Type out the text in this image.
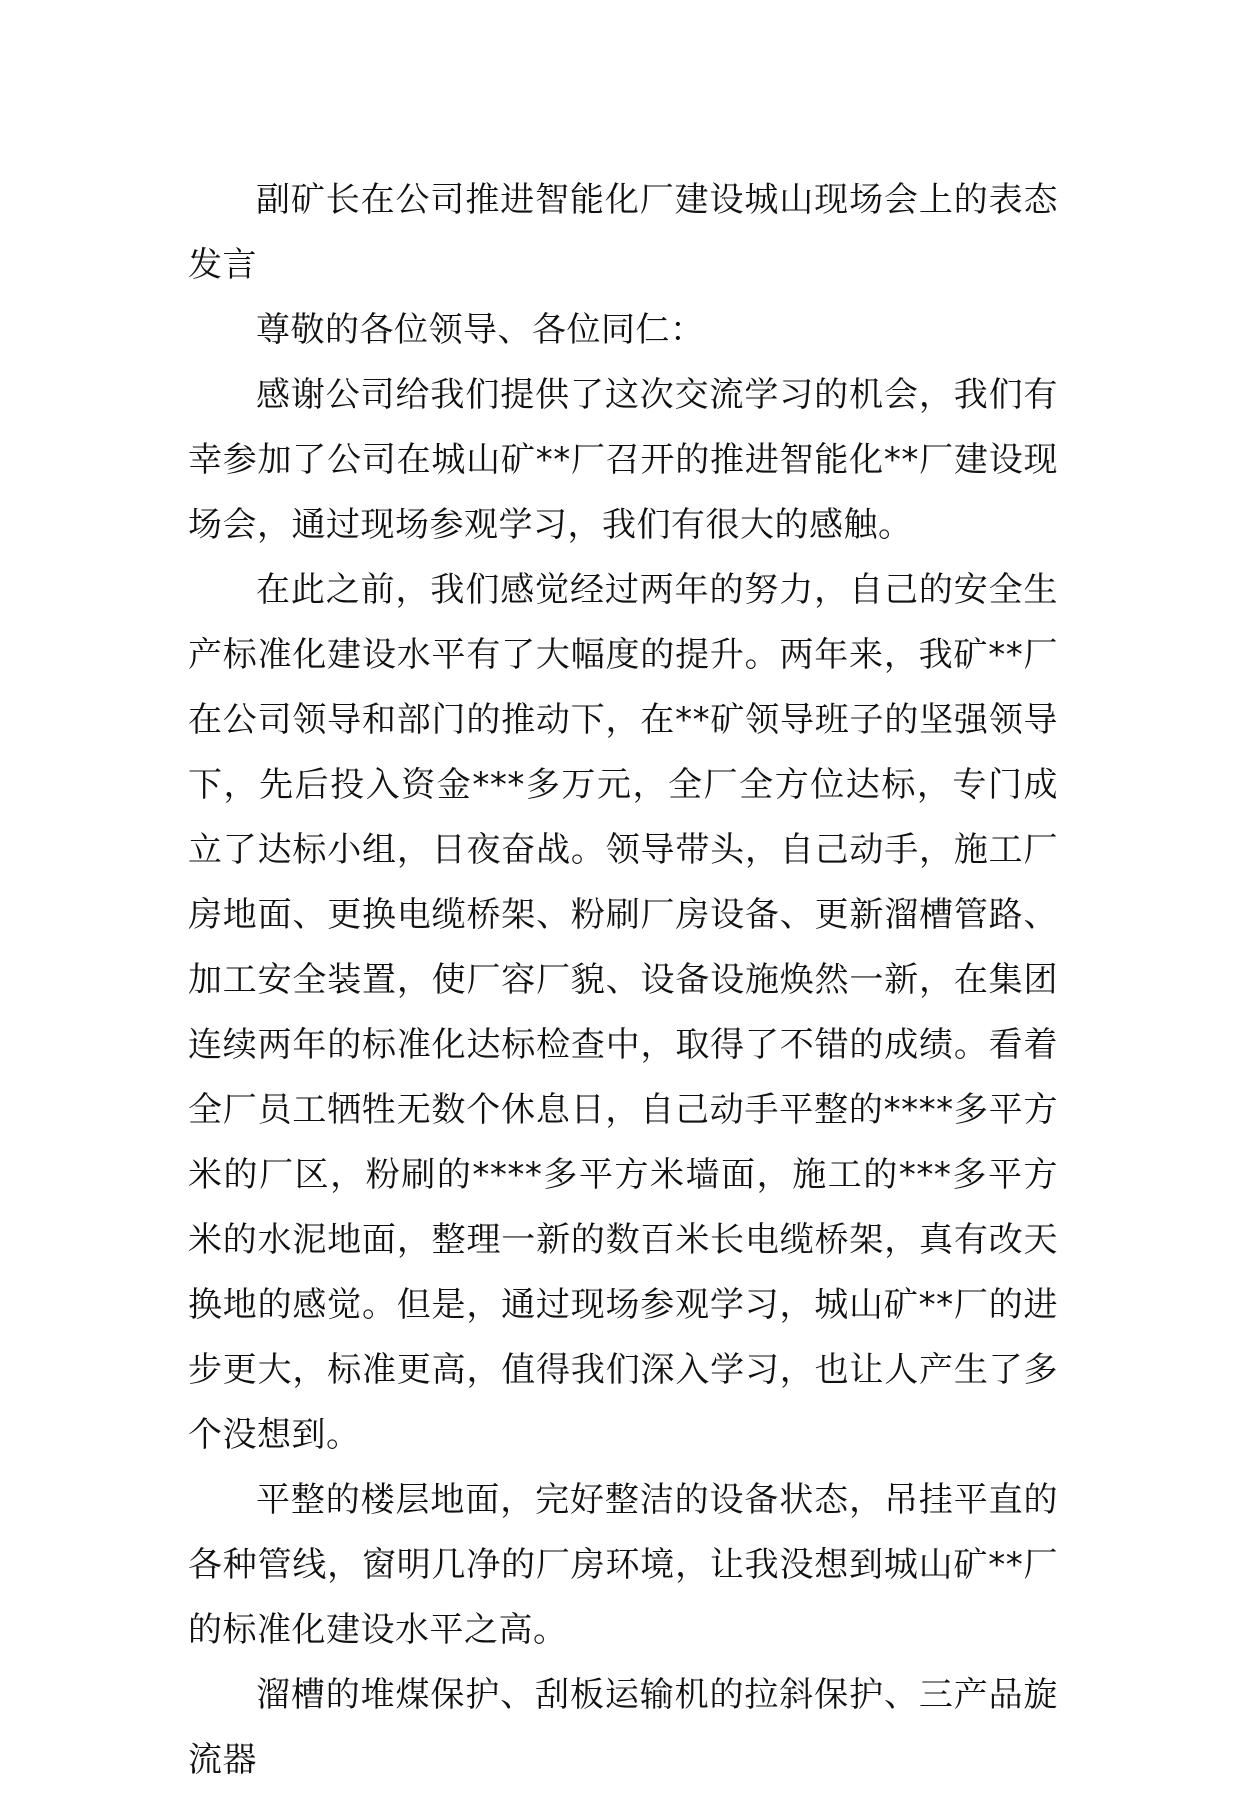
副矿长在公司推进智能化厂建设城山现场会上的表态发言

尊敬的各位领导、各位同仁：

感谢公司给我们提供了这次交流学习的机会，我们有幸参加了公司在城山矿**厂召开的推进智能化**厂建设现场会，通过现场参观学习，我们有很大的感触。

在此之前，我们感觉经过两年的努力，自己的安全生产标准化建设水平有了大幅度的提升。两年来，我矿**厂在公司领导和部门的推动下，在**矿领导班子的坚强领导下，先后投入资金***多万元，全厂全方位达标，专门成立了达标小组，日夜奋战。领导带头，自己动手，施工厂房地面、更换电缆桥架、粉刷厂房设备、更新溜槽管路、加工安全装置，使厂容厂貌、设备设施焕然一新，在集团连续两年的标准化达标检查中，取得了不错的成绩。看着全厂员工牺牲无数个休息日，自己动手平整的****多平方米的厂区，粉刷的****多平方米墙面，施工的***多平方米的水泥地面，整理一新的数百米长电缆桥架，真有改天换地的感觉。但是，通过现场参观学习，城山矿**厂的进步更大，标准更高，值得我们深入学习，也让人产生了多个没想到。

平整的楼层地面，完好整洁的设备状态，吊挂平直的各种管线，窗明几净的厂房环境，让我没想到城山矿**厂的标准化建设水平之高。

溜槽的堆煤保护、刮板运输机的拉斜保护、三产品旋流器
